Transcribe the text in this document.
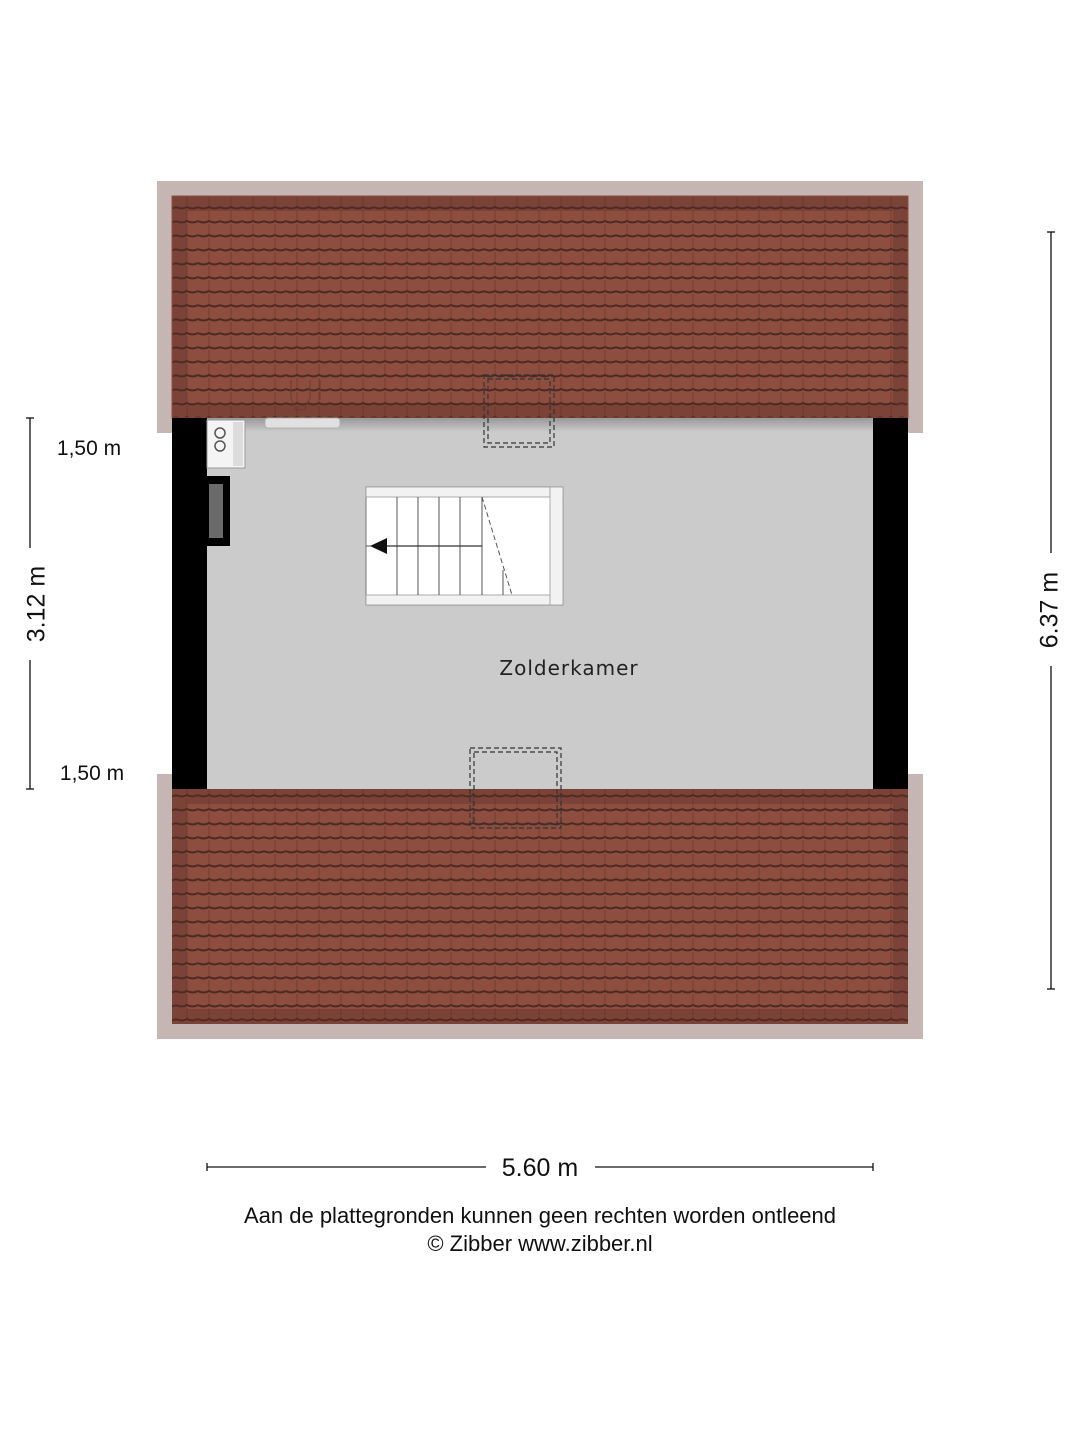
Zolderkamer
3.12 m
1,50 m
1,50 m
6.37 m
5.60 m
Aan de plattegronden kunnen geen rechten worden ontleend
© Zibber www.zibber.nl
